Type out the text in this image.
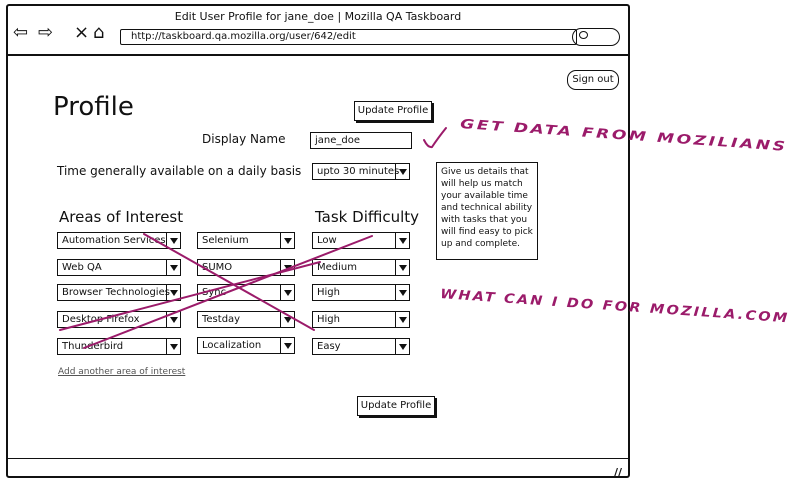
Edit User Profile for jane_doe | Mozilla QA Taskboard
⇦ ⇨ × ⌂	http://taskboard.qa.mozilla.org/user/642/edit
Sign out
Profile	Update Profile
Display Name	jane_doe
Time generally available on a daily basis upto 30 minutes	Give us details that will help us match your available time and technical ability with tasks that you will find easy to pick up and complete.
Areas of Interest	Task Difficulty
Automation Services	Selenium	Low
Web QA	SUMO	Medium
Browser Technologies	Sync	High
Desktop Firefox	Testday	High
Thunderbird	Localization	Easy
Add another area of interest
Update Profile
//
GET DATA FROM MOZILIANS
WHAT CAN I DO FOR MOZILLA.COM
